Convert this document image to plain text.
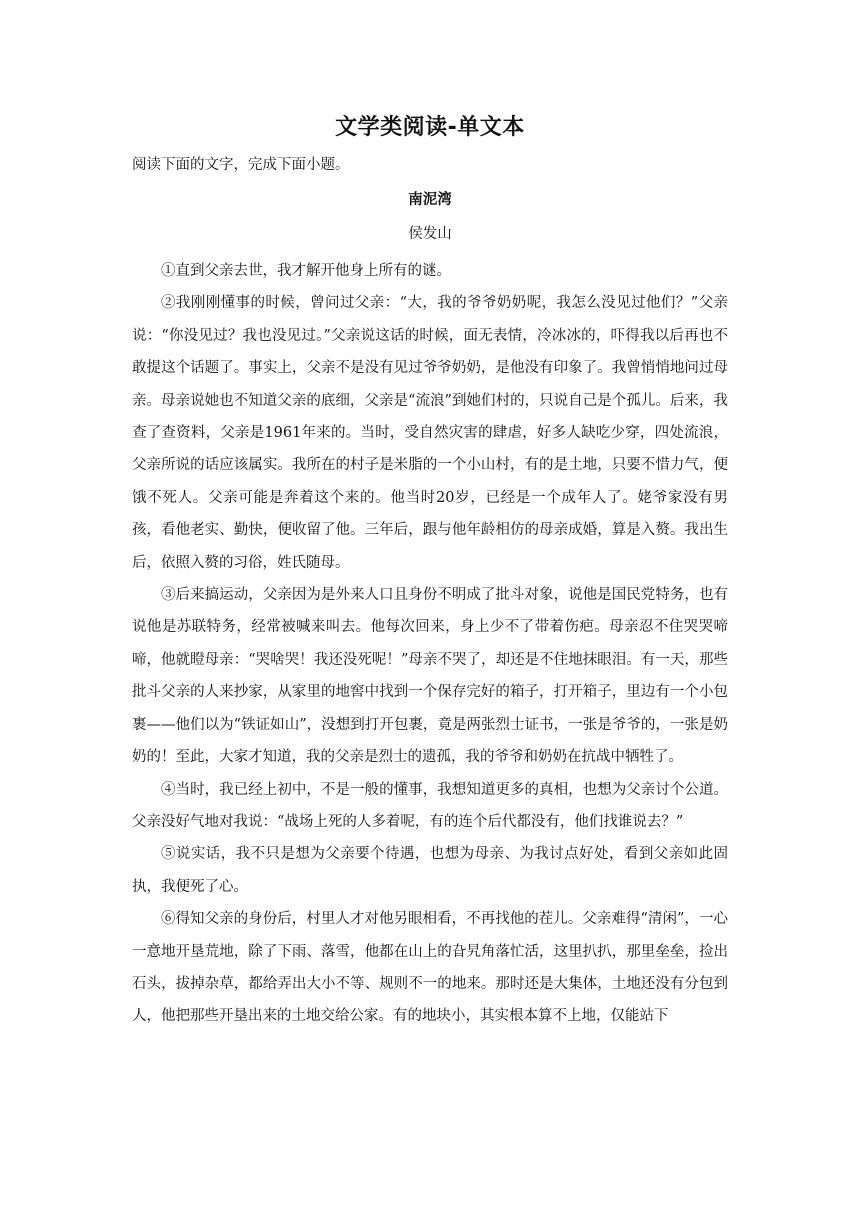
文学类阅读-单文本
阅读下面的文字，完成下面小题。
南泥湾
侯发山

①直到父亲去世，我才解开他身上所有的谜。

②我刚刚懂事的时候，曾问过父亲：“大，我的爷爷奶奶呢，我怎么没见过他们？”父亲说：“你没见过？我也没见过。”父亲说这话的时候，面无表情，冷冰冰的，吓得我以后再也不敢提这个话题了。事实上，父亲不是没有见过爷爷奶奶，是他没有印象了。我曾悄悄地问过母亲。母亲说她也不知道父亲的底细，父亲是“流浪”到她们村的，只说自己是个孤儿。后来，我查了查资料，父亲是1961年来的。当时，受自然灾害的肆虐，好多人缺吃少穿，四处流浪，父亲所说的话应该属实。我所在的村子是米脂的一个小山村，有的是土地，只要不惜力气，便饿不死人。父亲可能是奔着这个来的。他当时20岁，已经是一个成年人了。姥爷家没有男孩，看他老实、勤快，便收留了他。三年后，跟与他年龄相仿的母亲成婚，算是入赘。我出生后，依照入赘的习俗，姓氏随母。

③后来搞运动，父亲因为是外来人口且身份不明成了批斗对象，说他是国民党特务，也有说他是苏联特务，经常被喊来叫去。他每次回来，身上少不了带着伤疤。母亲忍不住哭哭啼啼，他就瞪母亲：“哭啥哭！我还没死呢！”母亲不哭了，却还是不住地抹眼泪。有一天，那些批斗父亲的人来抄家，从家里的地窖中找到一个保存完好的箱子，打开箱子，里边有一个小包裹——他们以为“铁证如山”，没想到打开包裹，竟是两张烈士证书，一张是爷爷的，一张是奶奶的！至此，大家才知道，我的父亲是烈士的遗孤，我的爷爷和奶奶在抗战中牺牲了。

④当时，我已经上初中，不是一般的懂事，我想知道更多的真相，也想为父亲讨个公道。父亲没好气地对我说：“战场上死的人多着呢，有的连个后代都没有，他们找谁说去？”

⑤说实话，我不只是想为父亲要个待遇，也想为母亲、为我讨点好处，看到父亲如此固执，我便死了心。

⑥得知父亲的身份后，村里人才对他另眼相看，不再找他的茬儿。父亲难得“清闲”，一心一意地开垦荒地，除了下雨、落雪，他都在山上的旮旯角落忙活，这里扒扒，那里垒垒，捡出石头，拔掉杂草，都给弄出大小不等、规则不一的地来。那时还是大集体，土地还没有分包到人，他把那些开垦出来的土地交给公家。有的地块小，其实根本算不上地，仅能站下
